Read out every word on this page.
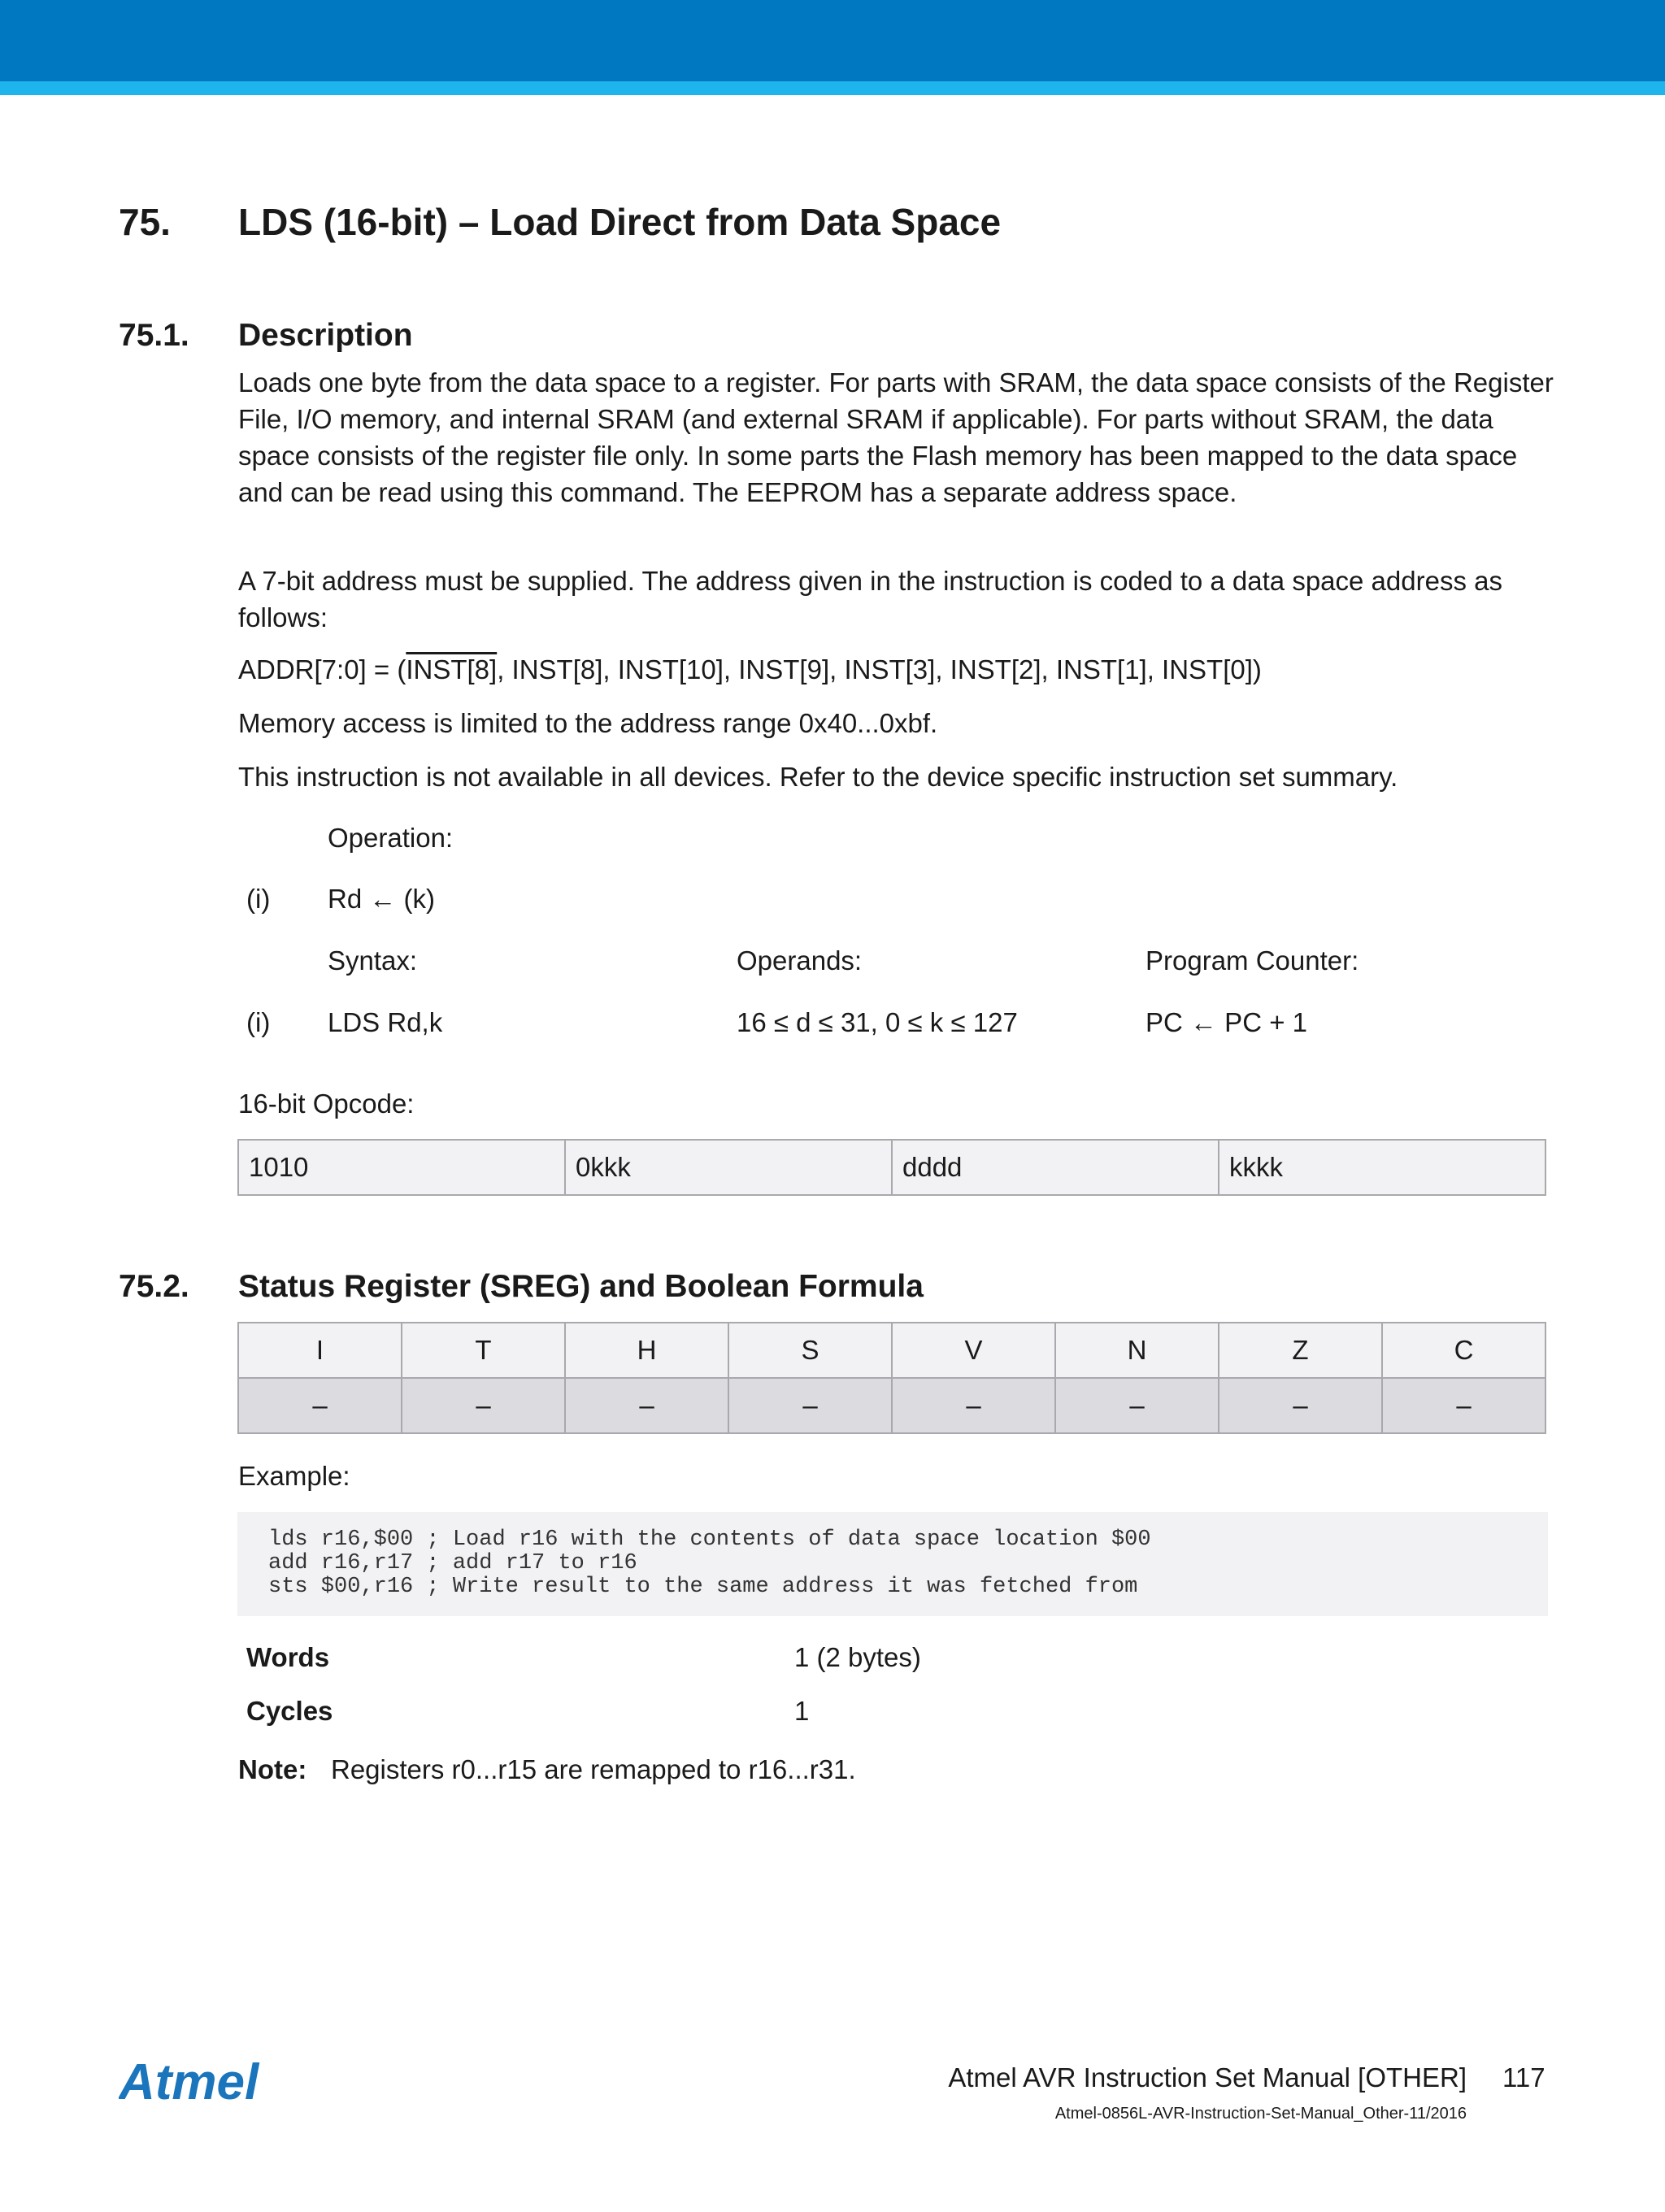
75. LDS (16-bit) – Load Direct from Data Space
75.1. Description
Loads one byte from the data space to a register. For parts with SRAM, the data space consists of the Register File, I/O memory, and internal SRAM (and external SRAM if applicable). For parts without SRAM, the data space consists of the register file only. In some parts the Flash memory has been mapped to the data space and can be read using this command. The EEPROM has a separate address space.
A 7-bit address must be supplied. The address given in the instruction is coded to a data space address as follows:
ADDR[7:0] = (INST[8], INST[8], INST[10], INST[9], INST[3], INST[2], INST[1], INST[0])
Memory access is limited to the address range 0x40...0xbf.
This instruction is not available in all devices. Refer to the device specific instruction set summary.
Operation:
(i) Rd ← (k)
Syntax:	Operands:	Program Counter:
(i) LDS Rd,k	16 ≤ d ≤ 31, 0 ≤ k ≤ 127	PC ← PC + 1
16-bit Opcode:
1010	0kkk	dddd	kkkk
75.2. Status Register (SREG) and Boolean Formula
I	T	H	S	V	N	Z	C
–	–	–	–	–	–	–	–
Example:
lds r16,$00 ; Load r16 with the contents of data space location $00
add r16,r17 ; add r17 to r16
sts $00,r16 ; Write result to the same address it was fetched from
Words	1 (2 bytes)
Cycles	1
Note: Registers r0...r15 are remapped to r16...r31.
Atmel	Atmel AVR Instruction Set Manual [OTHER] 117
Atmel-0856L-AVR-Instruction-Set-Manual_Other-11/2016
